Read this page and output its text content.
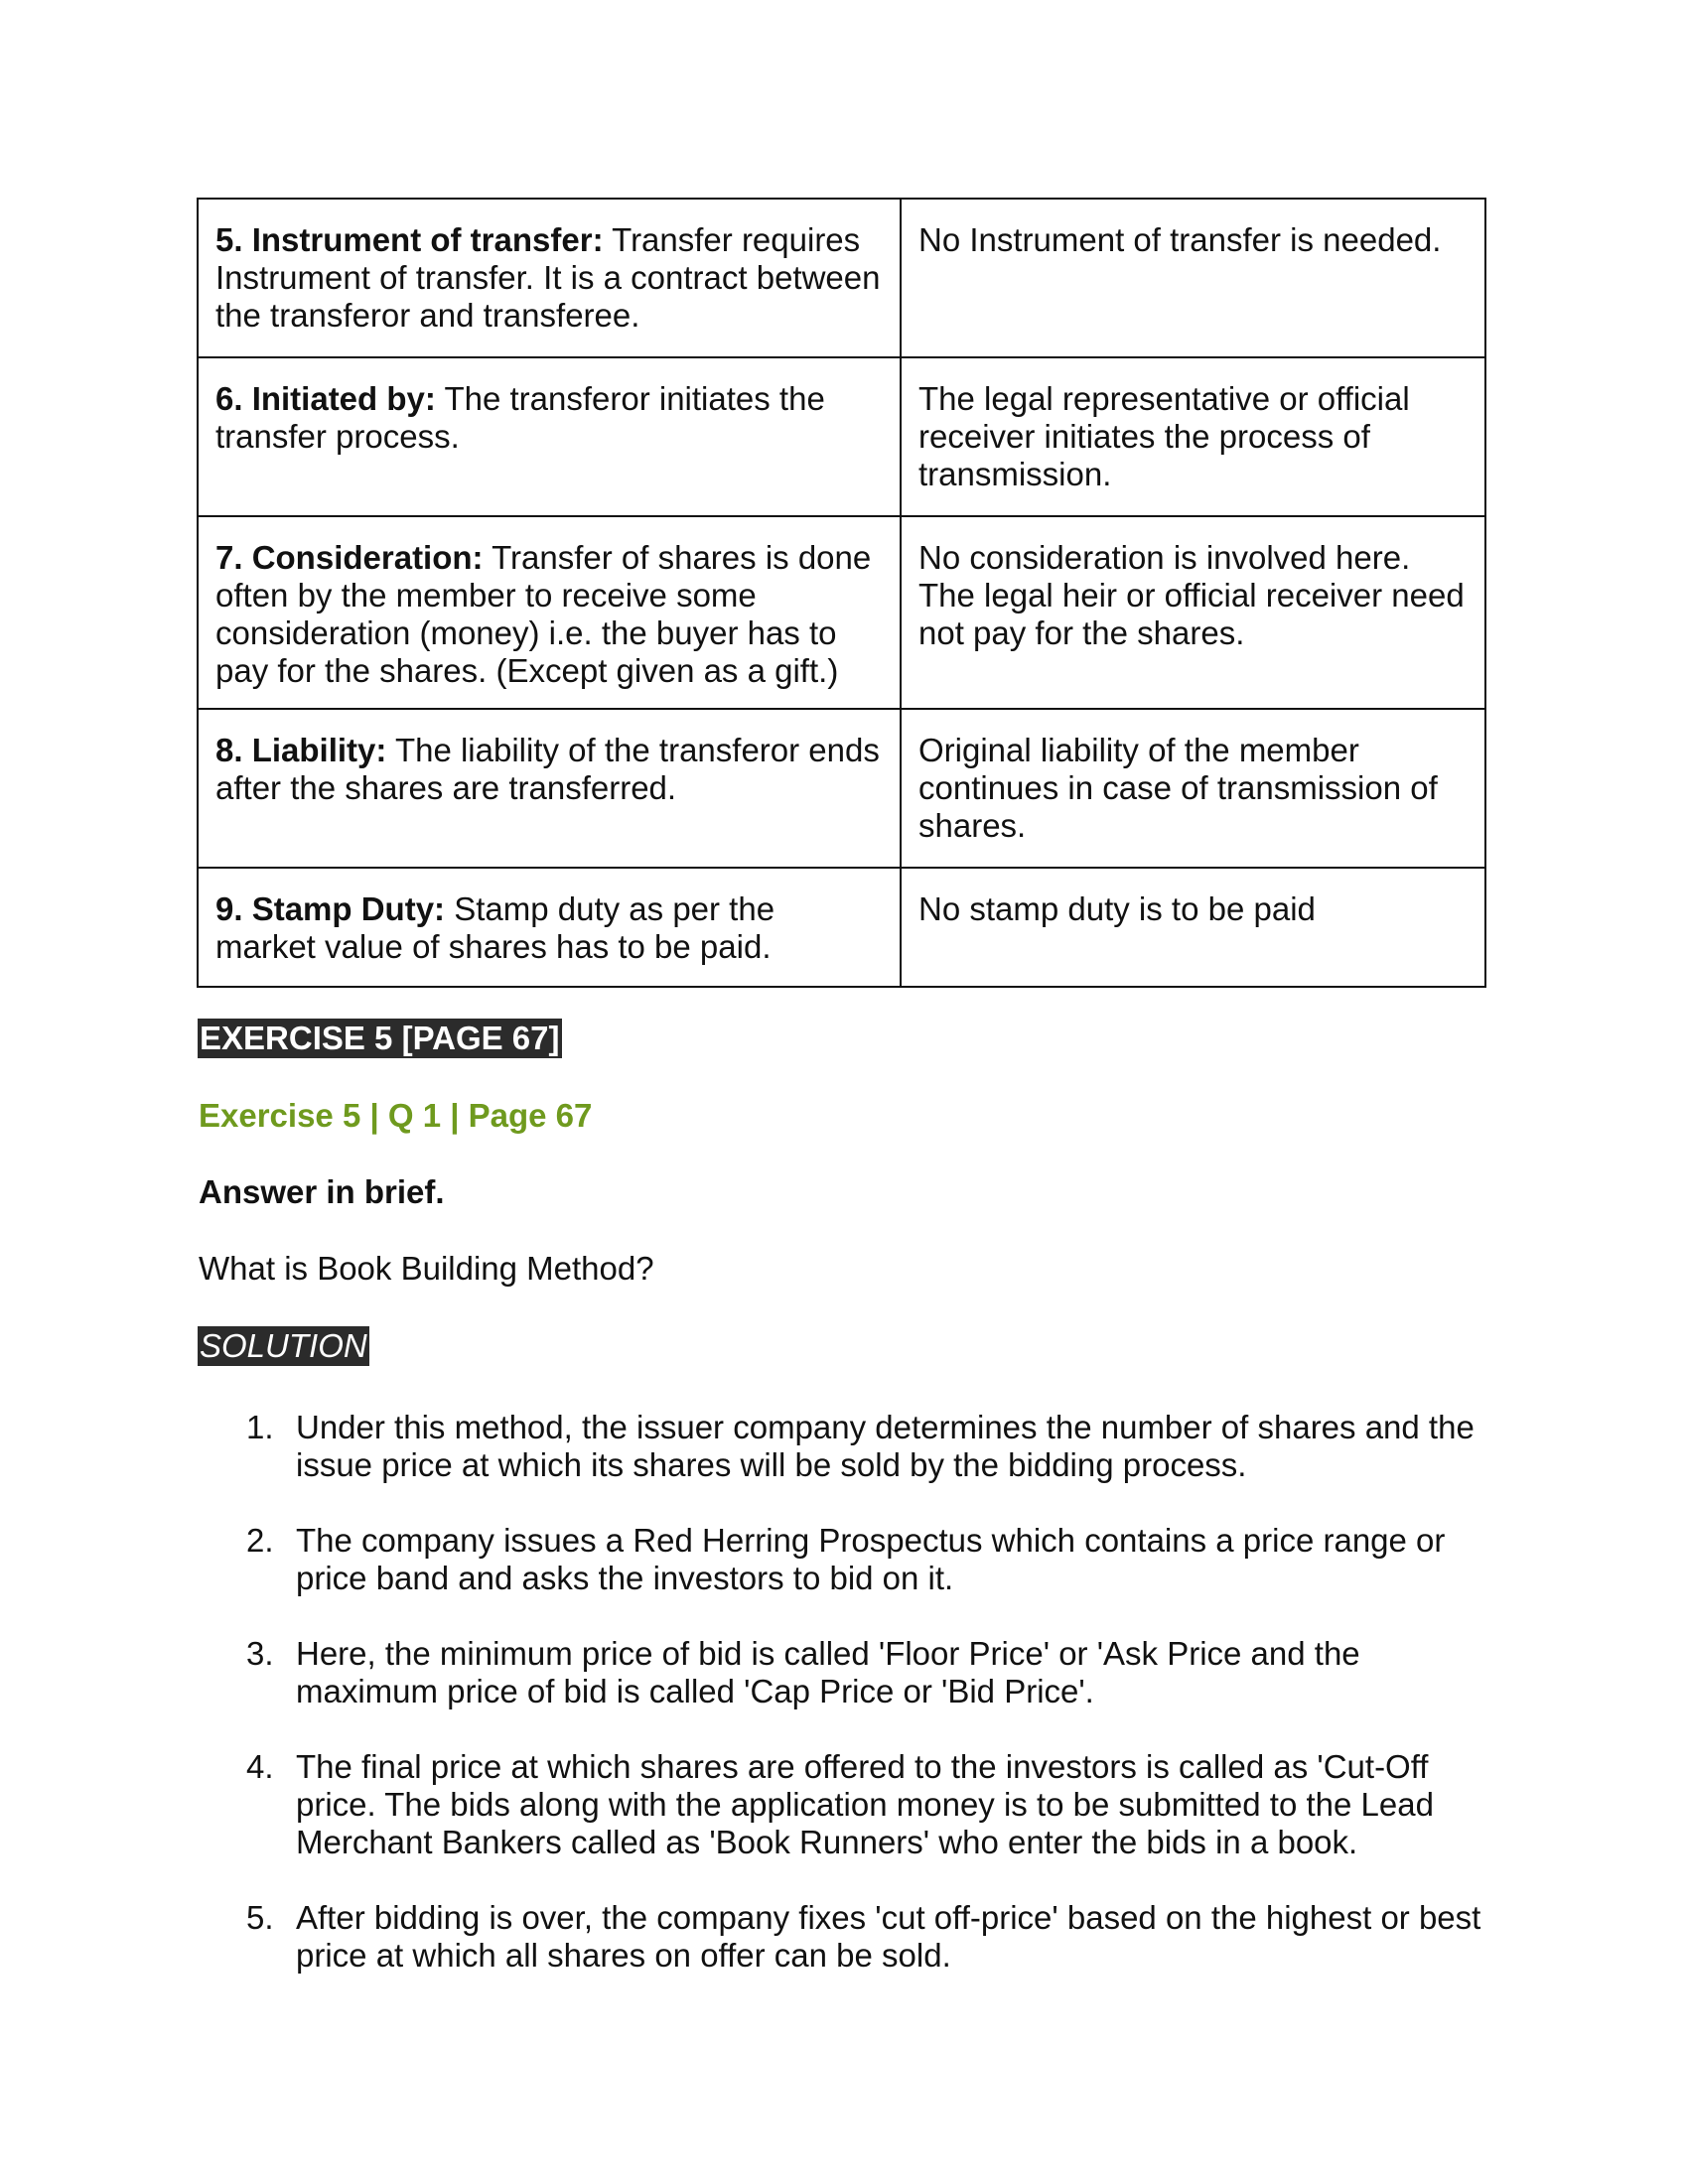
5. Instrument of transfer: Transfer requires Instrument of transfer. It is a contract between the transferor and transferee.	No Instrument of transfer is needed.
6. Initiated by: The transferor initiates the transfer process.	The legal representative or official receiver initiates the process of transmission.
7. Consideration: Transfer of shares is done often by the member to receive some consideration (money) i.e. the buyer has to pay for the shares. (Except given as a gift.)	No consideration is involved here. The legal heir or official receiver need not pay for the shares.
8. Liability: The liability of the transferor ends after the shares are transferred.	Original liability of the member continues in case of transmission of shares.
9. Stamp Duty: Stamp duty as per the market value of shares has to be paid.	No stamp duty is to be paid
EXERCISE 5 [PAGE 67]
Exercise 5 | Q 1 | Page 67
Answer in brief.
What is Book Building Method?
SOLUTION
1. Under this method, the issuer company determines the number of shares and the issue price at which its shares will be sold by the bidding process.
2. The company issues a Red Herring Prospectus which contains a price range or price band and asks the investors to bid on it.
3. Here, the minimum price of bid is called 'Floor Price' or 'Ask Price and the maximum price of bid is called 'Cap Price or 'Bid Price'.
4. The final price at which shares are offered to the investors is called as 'Cut-Off price. The bids along with the application money is to be submitted to the Lead Merchant Bankers called as 'Book Runners' who enter the bids in a book.
5. After bidding is over, the company fixes 'cut off-price' based on the highest or best price at which all shares on offer can be sold.
